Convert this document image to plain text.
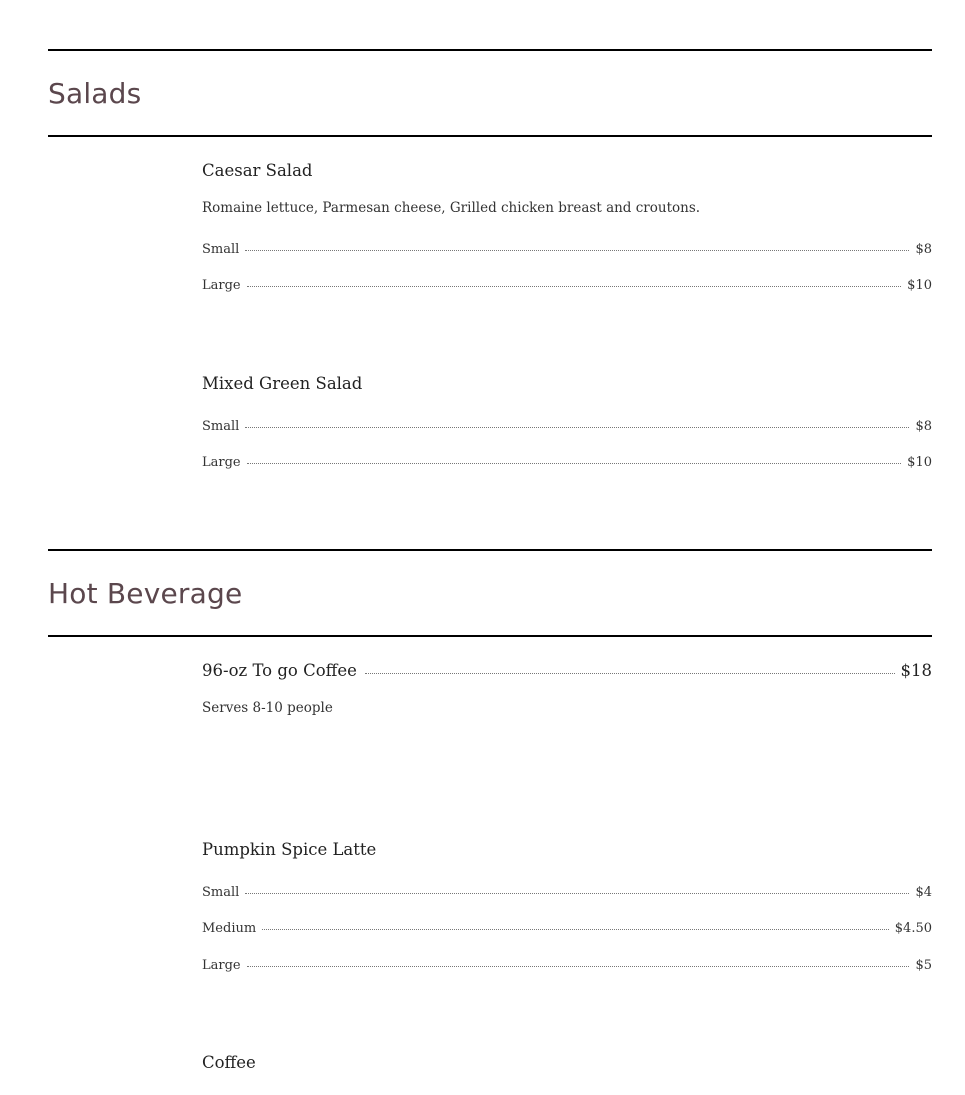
Salads
Caesar Salad

Romaine lettuce, Parmesan cheese, Grilled chicken breast and croutons.

Small	$8
Large	$10
Mixed Green Salad
Small	$8
Large	$10
Hot Beverage
96-oz To go Coffee	$18

Serves 8-10 people

Pumpkin Spice Latte
Small	$4
Medium	$4.50
Large	$5
Coffee
